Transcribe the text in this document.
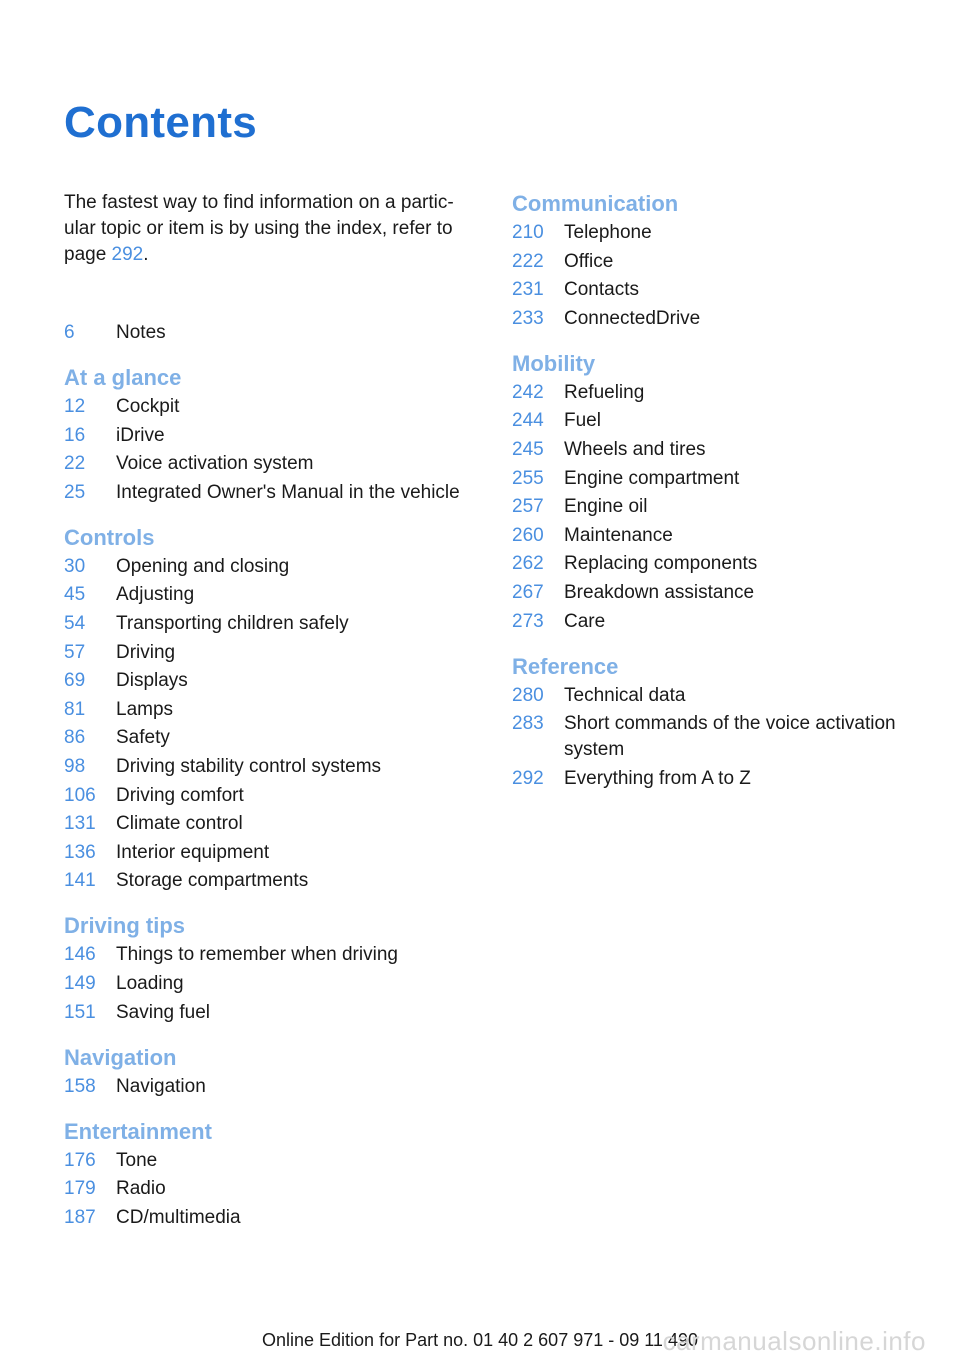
Contents

The fastest way to find information on a partic-ular topic or item is by using the index, refer to page 292.

6	Notes
At a glance
12	Cockpit
16	iDrive
22	Voice activation system
25	Integrated Owner's Manual in the vehicle
Controls
30	Opening and closing
45	Adjusting
54	Transporting children safely
57	Driving
69	Displays
81	Lamps
86	Safety
98	Driving stability control systems
106	Driving comfort
131	Climate control
136	Interior equipment
141	Storage compartments
Driving tips
146	Things to remember when driving
149	Loading
151	Saving fuel
Navigation
158	Navigation
Entertainment
176	Tone
179	Radio
187	CD/multimedia
Communication
210	Telephone
222	Office
231	Contacts
233	ConnectedDrive
Mobility
242	Refueling
244	Fuel
245	Wheels and tires
255	Engine compartment
257	Engine oil
260	Maintenance
262	Replacing components
267	Breakdown assistance
273	Care
Reference
280	Technical data
283	Short commands of the voice activation system
292	Everything from A to Z
Online Edition for Part no. 01 40 2 607 971 - 09 11 490
carmanualsonline.info
